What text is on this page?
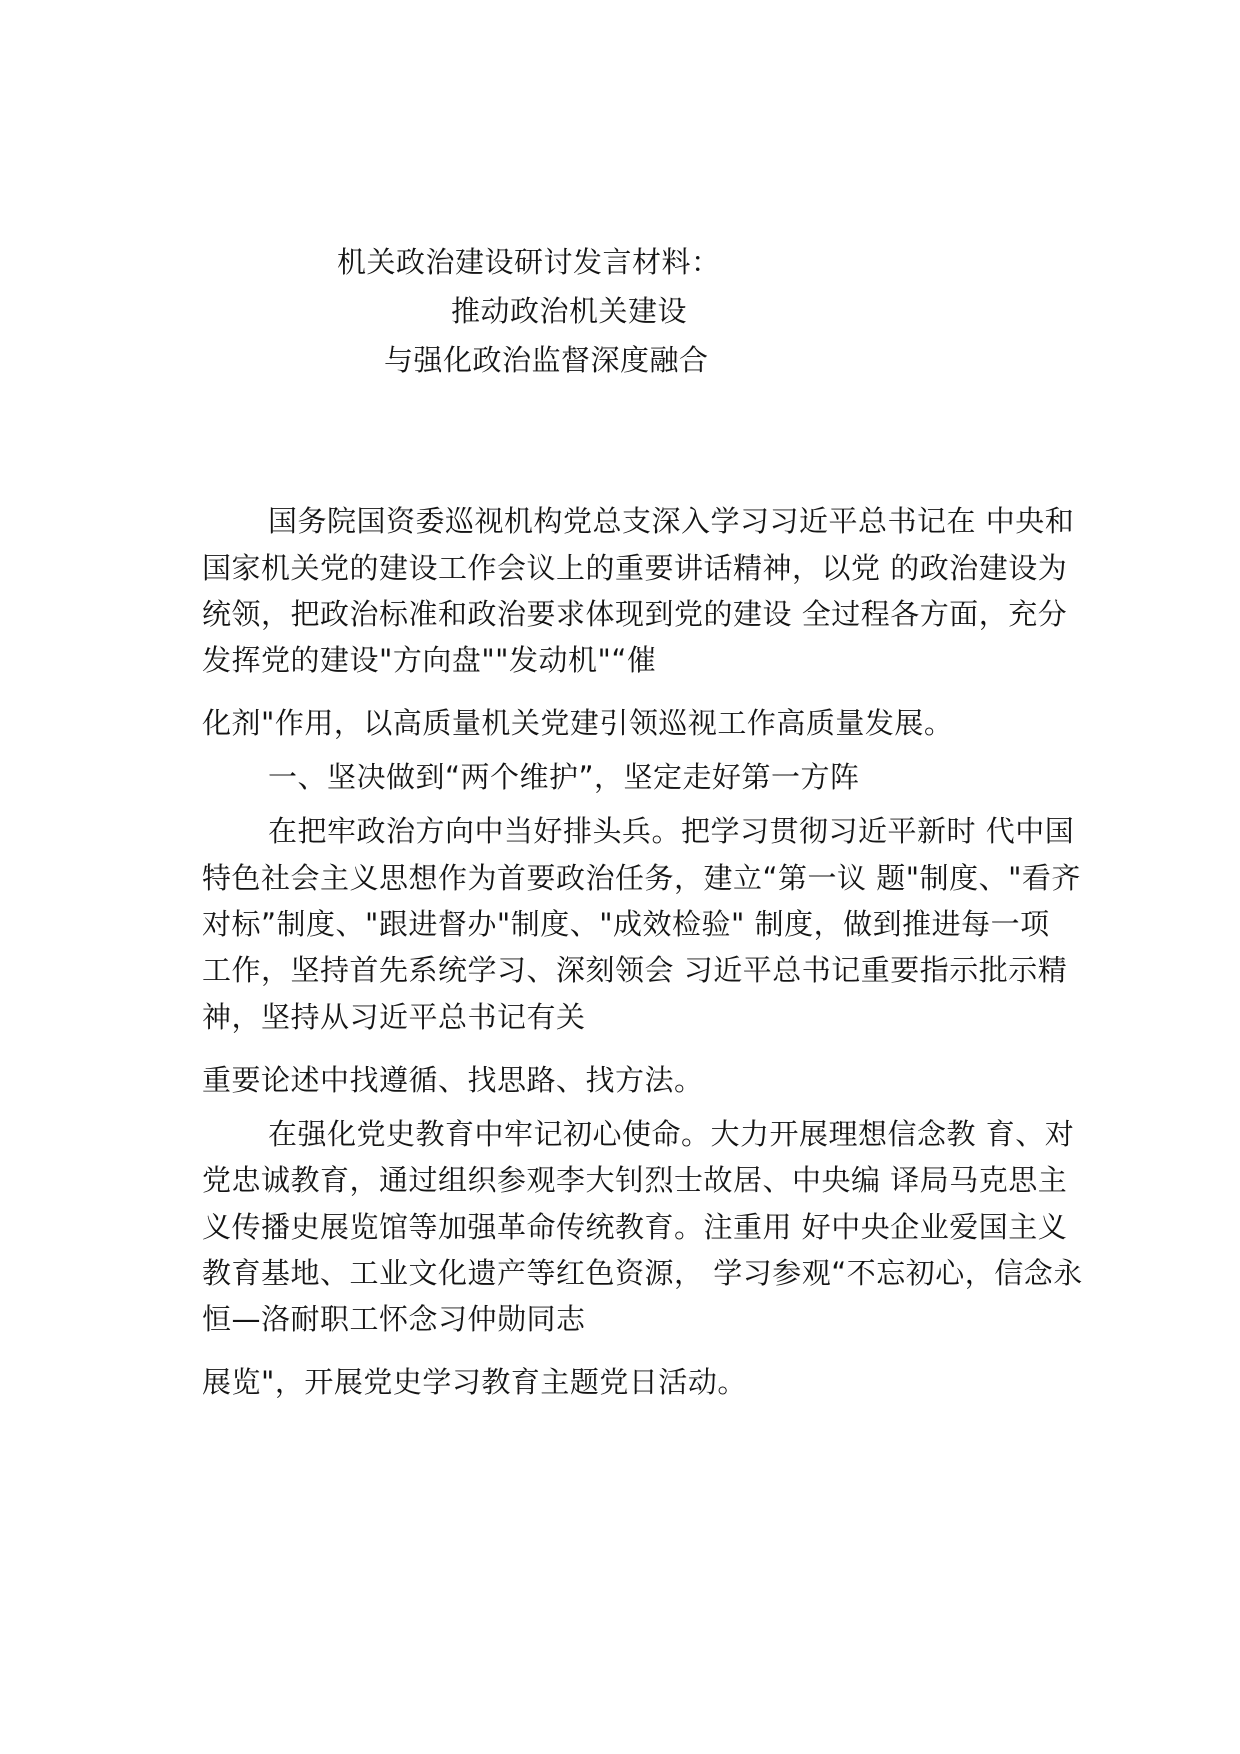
机关政治建设研讨发言材料：
推动政治机关建设
与强化政治监督深度融合
国务院国资委巡视机构党总支深入学习习近平总书记在 中央和
国家机关党的建设工作会议上的重要讲话精神，以党 的政治建设为
统领，把政治标准和政治要求体现到党的建设 全过程各方面，充分
发挥党的建设"方向盘""发动机"“催
化剂"作用，以高质量机关党建引领巡视工作高质量发展。
一、坚决做到“两个维护”，坚定走好第一方阵
在把牢政治方向中当好排头兵。把学习贯彻习近平新时 代中国
特色社会主义思想作为首要政治任务，建立“第一议 题"制度、"看齐
对标”制度、"跟进督办"制度、"成效检验" 制度，做到推进每一项
工作，坚持首先系统学习、深刻领会 习近平总书记重要指示批示精
神，坚持从习近平总书记有关
重要论述中找遵循、找思路、找方法。
在强化党史教育中牢记初心使命。大力开展理想信念教 育、对
党忠诚教育，通过组织参观李大钊烈士故居、中央编 译局马克思主
义传播史展览馆等加强革命传统教育。注重用 好中央企业爱国主义
教育基地、工业文化遗产等红色资源， 学习参观“不忘初心，信念永
恒—洛耐职工怀念习仲勋同志
展览"，开展党史学习教育主题党日活动。
